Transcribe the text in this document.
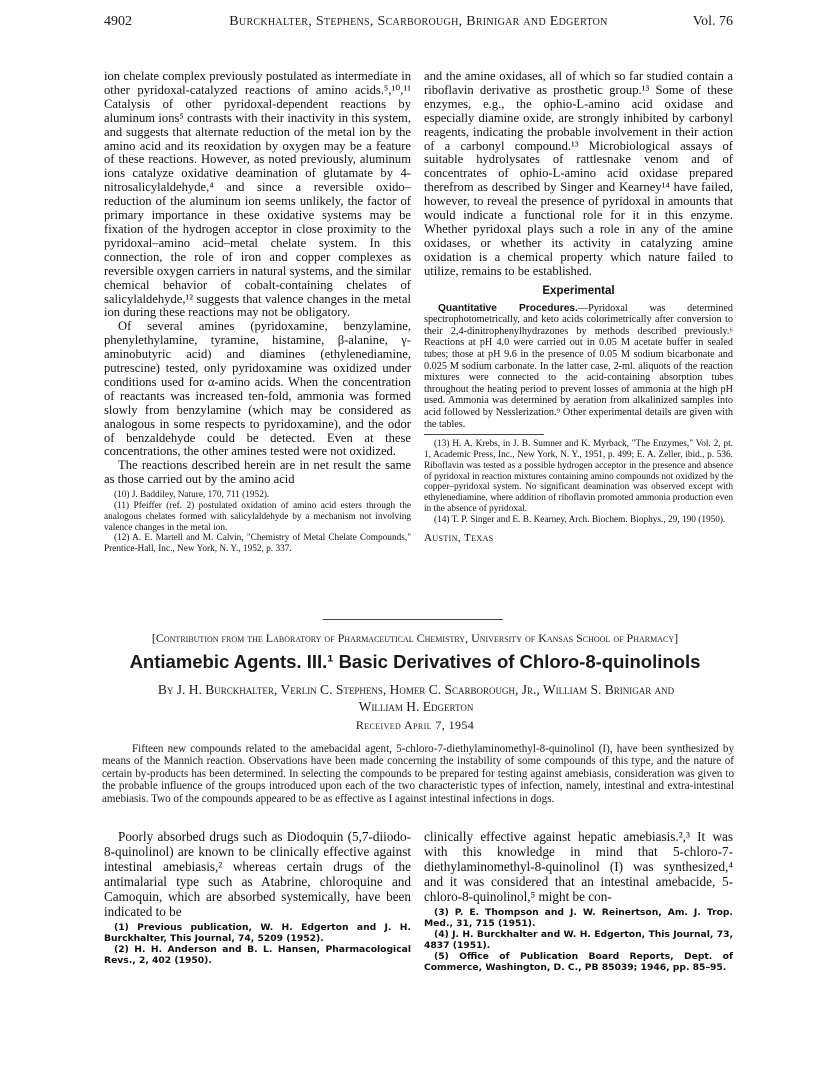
4902	Burckhalter, Stephens, Scarborough, Brinigar and Edgerton	Vol. 76

ion chelate complex previously postulated as intermediate in other pyridoxal-catalyzed reactions of amino acids.⁵,¹⁰,¹¹ Catalysis of other pyridoxal-dependent reactions by aluminum ions⁵ contrasts with their inactivity in this system, and suggests that alternate reduction of the metal ion by the amino acid and its reoxidation by oxygen may be a feature of these reactions. However, as noted previously, aluminum ions catalyze oxidative deamination of glutamate by 4-nitrosalicylaldehyde,⁴ and since a reversible oxido–reduction of the aluminum ion seems unlikely, the factor of primary importance in these oxidative systems may be fixation of the hydrogen acceptor in close proximity to the pyridoxal–amino acid–metal chelate system. In this connection, the role of iron and copper complexes as reversible oxygen carriers in natural systems, and the similar chemical behavior of cobalt-containing chelates of salicylaldehyde,¹² suggests that valence changes in the metal ion during these reactions may not be obligatory.

Of several amines (pyridoxamine, benzylamine, phenylethylamine, tyramine, histamine, β-alanine, γ-aminobutyric acid) and diamines (ethylenediamine, putrescine) tested, only pyridoxamine was oxidized under conditions used for α-amino acids. When the concentration of reactants was increased ten-fold, ammonia was formed slowly from benzylamine (which may be considered as analogous in some respects to pyridoxamine), and the odor of benzaldehyde could be detected. Even at these concentrations, the other amines tested were not oxidized.

The reactions described herein are in net result the same as those carried out by the amino acid

(10) J. Baddiley, Nature, 170, 711 (1952).

(11) Pfeiffer (ref. 2) postulated oxidation of amino acid esters through the analogous chelates formed with salicylaldehyde by a mechanism not involving valence changes in the metal ion.

(12) A. E. Martell and M. Calvin, "Chemistry of Metal Chelate Compounds," Prentice-Hall, Inc., New York, N. Y., 1952, p. 337.

and the amine oxidases, all of which so far studied contain a riboflavin derivative as prosthetic group.¹³ Some of these enzymes, e.g., the ophio-L-amino acid oxidase and especially diamine oxide, are strongly inhibited by carbonyl reagents, indicating the probable involvement in their action of a carbonyl compound.¹³ Microbiological assays of suitable hydrolysates of rattlesnake venom and of concentrates of ophio-L-amino acid oxidase prepared therefrom as described by Singer and Kearney¹⁴ have failed, however, to reveal the presence of pyridoxal in amounts that would indicate a functional role for it in this enzyme. Whether pyridoxal plays such a role in any of the amine oxidases, or whether its activity in catalyzing amine oxidation is a chemical property which nature failed to utilize, remains to be established.

Experimental

Quantitative Procedures.—Pyridoxal was determined spectrophotometrically, and keto acids colorimetrically after conversion to their 2,4-dinitrophenylhydrazones by methods described previously.⁶ Reactions at pH 4.0 were carried out in 0.05 M acetate buffer in sealed tubes; those at pH 9.6 in the presence of 0.05 M sodium bicarbonate and 0.025 M sodium carbonate. In the latter case, 2-ml. aliquots of the reaction mixtures were connected to the acid-containing absorption tubes throughout the heating period to prevent losses of ammonia at the high pH used. Ammonia was determined by aeration from alkalinized samples into acid followed by Nesslerization.⁹ Other experimental details are given with the tables.

(13) H. A. Krebs, in J. B. Sumner and K. Myrback, "The Enzymes," Vol. 2, pt. 1, Academic Press, Inc., New York, N. Y., 1951, p. 499; E. A. Zeller, ibid., p. 536. Riboflavin was tested as a possible hydrogen acceptor in the presence and absence of pyridoxal in reaction mixtures containing amino compounds not oxidized by the copper–pyridoxal system. No significant deamination was observed except with ethylenediamine, where addition of riboflavin promoted ammonia production even in the absence of pyridoxal.

(14) T. P. Singer and E. B. Kearney, Arch. Biochem. Biophys., 29, 190 (1950).

Austin, Texas
[Contribution from the Laboratory of Pharmaceutical Chemistry, University of Kansas School of Pharmacy]
Antiamebic Agents. III.¹ Basic Derivatives of Chloro-8-quinolinols
By J. H. Burckhalter, Verlin C. Stephens, Homer C. Scarborough, Jr., William S. Brinigar and
William H. Edgerton
Received April 7, 1954

Fifteen new compounds related to the amebacidal agent, 5-chloro-7-diethylaminomethyl-8-quinolinol (I), have been synthesized by means of the Mannich reaction. Observations have been made concerning the instability of some compounds of this type, and the nature of certain by-products has been determined. In selecting the compounds to be prepared for testing against amebiasis, consideration was given to the probable influence of the groups introduced upon each of the two characteristic types of infection, namely, intestinal and extra-intestinal amebiasis. Two of the compounds appeared to be as effective as I against intestinal infections in dogs.

Poorly absorbed drugs such as Diodoquin (5,7-diiodo-8-quinolinol) are known to be clinically effective against intestinal amebiasis,² whereas certain drugs of the antimalarial type such as Atabrine, chloroquine and Camoquin, which are absorbed systemically, have been indicated to be

(1) Previous publication, W. H. Edgerton and J. H. Burckhalter, This Journal, 74, 5209 (1952).

(2) H. H. Anderson and B. L. Hansen, Pharmacological Revs., 2, 402 (1950).

clinically effective against hepatic amebiasis.²,³ It was with this knowledge in mind that 5-chloro-7-diethylaminomethyl-8-quinolinol (I) was synthesized,⁴ and it was considered that an intestinal amebacide, 5-chloro-8-quinolinol,⁵ might be con-

(3) P. E. Thompson and J. W. Reinertson, Am. J. Trop. Med., 31, 715 (1951).

(4) J. H. Burckhalter and W. H. Edgerton, This Journal, 73, 4837 (1951).

(5) Office of Publication Board Reports, Dept. of Commerce, Washington, D. C., PB 85039; 1946, pp. 85–95.
